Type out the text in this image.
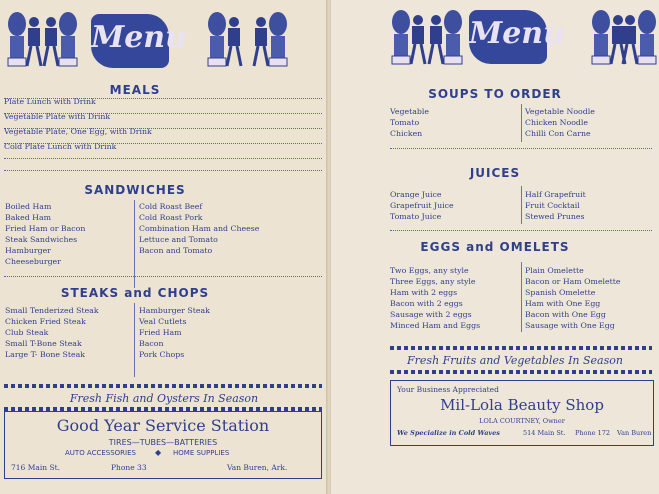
Menu
MEALS
Plate Lunch with Drink
Vegetable Plate with Drink
Vegetable Plate, One Egg, with Drink
Cold Plate Lunch with Drink
SANDWICHES
Boiled Ham
Baked Ham
Fried Ham or Bacon
Steak Sandwiches
Hamburger
Cheeseburger
Cold Roast Beef
Cold Roast Pork
Combination Ham and Cheese
Lettuce and Tomato
Bacon and Tomato
STEAKS and CHOPS
Small Tenderized Steak
Chicken Fried Steak
Club Steak
Small T-Bone Steak
Large T- Bone Steak
Hamburger Steak
Veal Cutlets
Fried Ham
Bacon
Pork Chops
Fresh Fish and Oysters In Season
Good Year Service Station
TIRES—TUBES—BATTERIES
AUTO ACCESSORIES ◆ HOME SUPPLIES
716 Main St.	Phone 33	Van Buren, Ark.
Menu
SOUPS TO ORDER
Vegetable
Tomato
Chicken
Vegetable Noodle
Chicken Noodle
Chilli Con Carne
JUICES
Orange Juice
Grapefruit Juice
Tomato Juice
Half Grapefruit
Fruit Cocktail
Stewed Prunes
EGGS and OMELETS
Two Eggs, any style
Three Eggs, any style
Ham with 2 eggs
Bacon with 2 eggs
Sausage with 2 eggs
Minced Ham and Eggs
Plain Omelette
Bacon or Ham Omelette
Spanish Omelette
Ham with One Egg
Bacon with One Egg
Sausage with One Egg
Fresh Fruits and Vegetables In Season
Your Business Appreciated
Mil-Lola Beauty Shop
LOLA COURTNEY, Owner
We Specialize in Cold Waves	514 Main St. Phone 172 Van Buren
